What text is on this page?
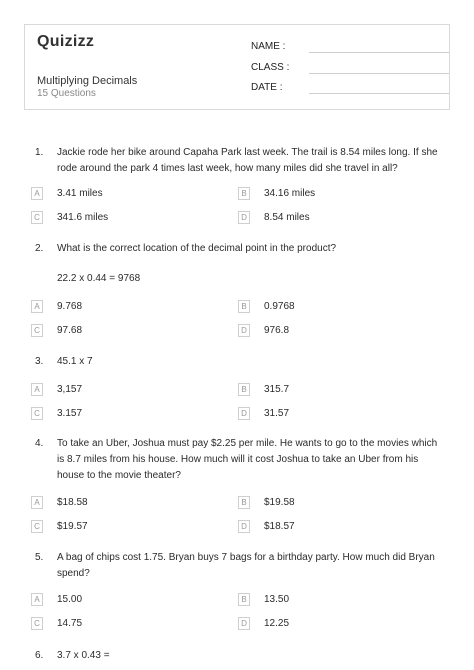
Quizizz
Multiplying Decimals
15 Questions
NAME :
CLASS :
DATE :
1. Jackie rode her bike around Capaha Park last week. The trail is 8.54 miles long. If she rode around the park 4 times last week, how many miles did she travel in all?
A	3.41 miles	B	34.16 miles
C	341.6 miles	D	8.54 miles
2. What is the correct location of the decimal point in the product?
22.2 x 0.44 = 9768
A	9.768	B	0.9768
C	97.68	D	976.8
3. 45.1 x 7
A	3,157	B	315.7
C	3.157	D	31.57
4. To take an Uber, Joshua must pay $2.25 per mile. He wants to go to the movies which is 8.7 miles from his house. How much will it cost Joshua to take an Uber from his house to the movie theater?
A	$18.58	B	$19.58
C	$19.57	D	$18.57
5. A bag of chips cost 1.75. Bryan buys 7 bags for a birthday party. How much did Bryan spend?
A	15.00	B	13.50
C	14.75	D	12.25
6. 3.7 x 0.43 =
